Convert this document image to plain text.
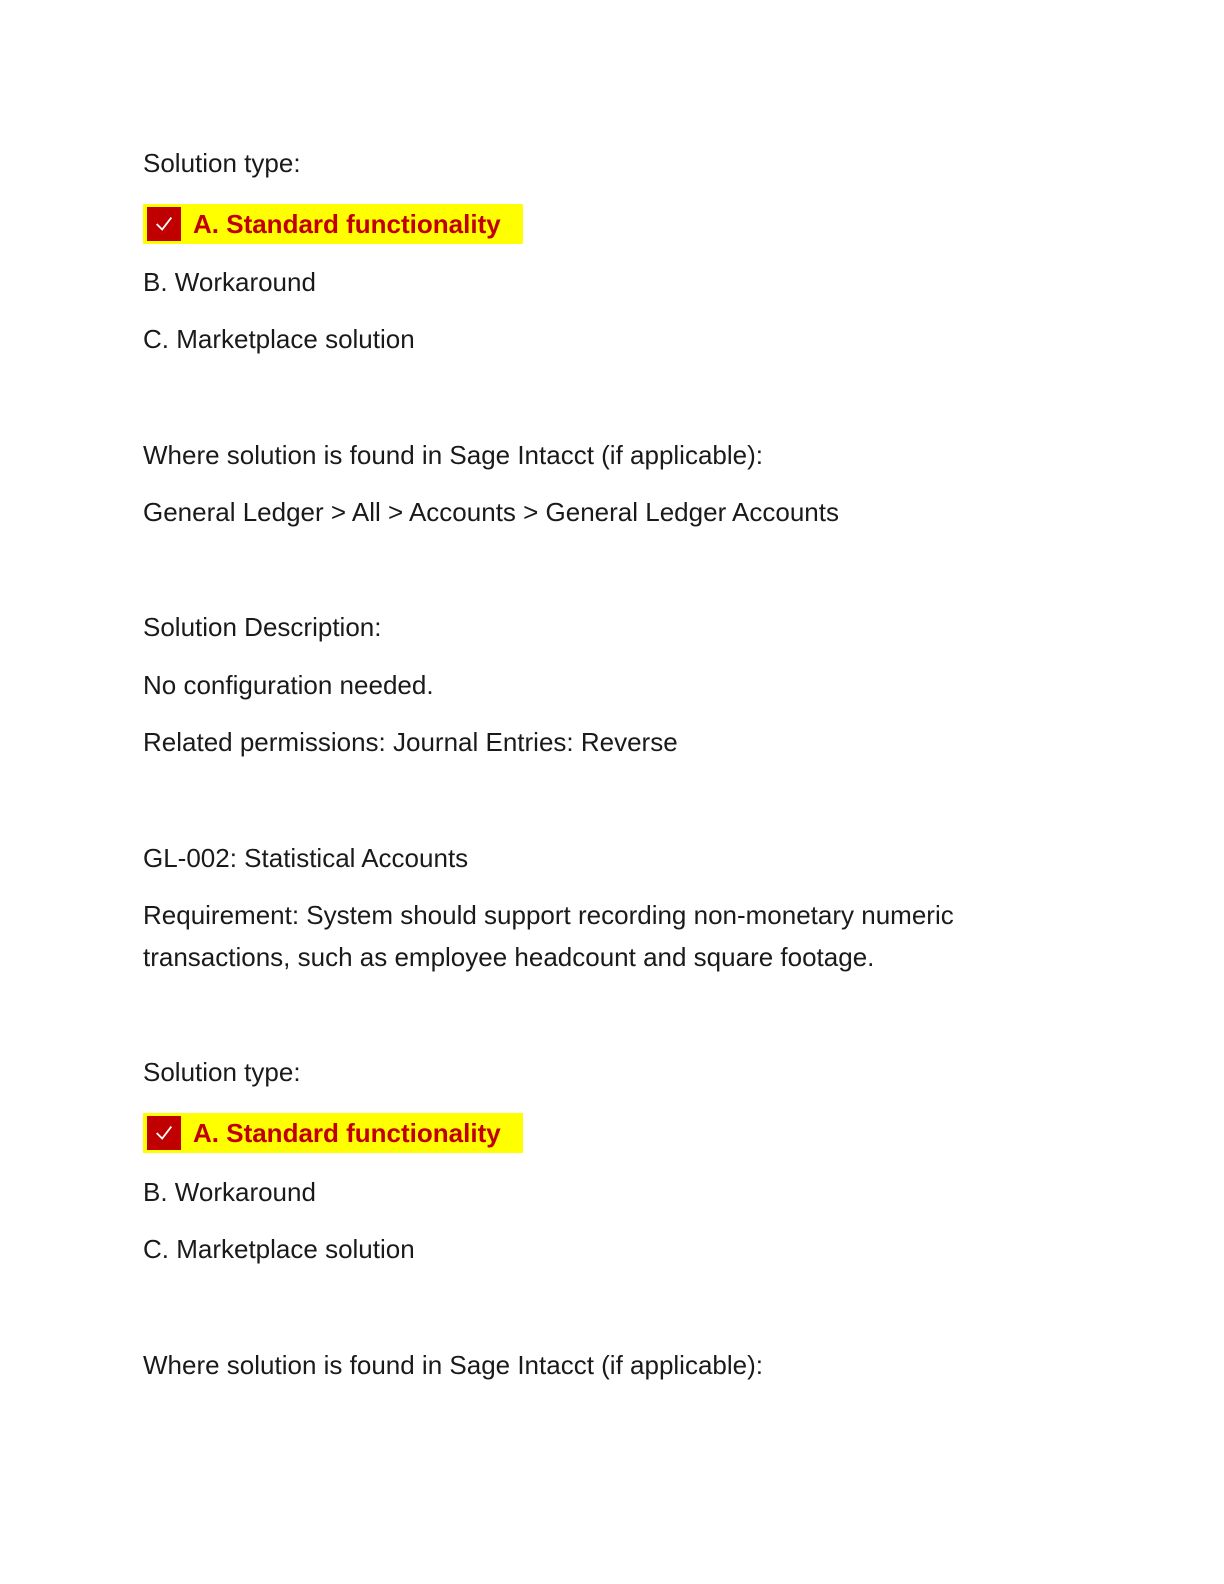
Solution type:

A. Standard functionality

B. Workaround

C. Marketplace solution

Where solution is found in Sage Intacct (if applicable):

General Ledger > All > Accounts > General Ledger Accounts

Solution Description:

No configuration needed.

Related permissions: Journal Entries: Reverse

GL-002: Statistical Accounts

Requirement: System should support recording non-monetary numeric transactions, such as employee headcount and square footage.

Solution type:

A. Standard functionality

B. Workaround

C. Marketplace solution

Where solution is found in Sage Intacct (if applicable):
